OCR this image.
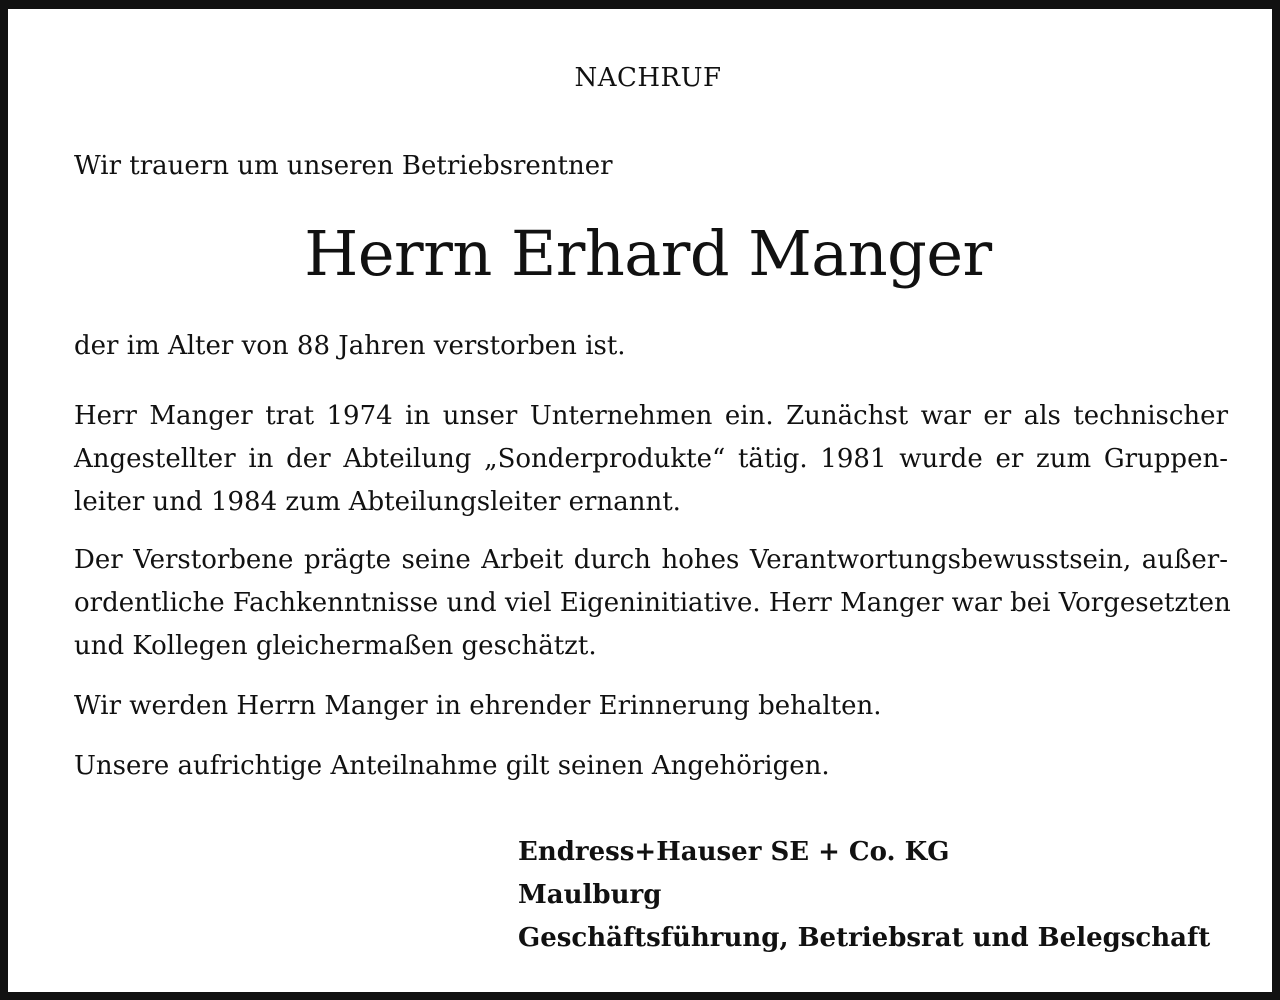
NACHRUF
Wir trauern um unseren Betriebsrentner
Herrn Erhard Manger
der im Alter von 88 Jahren verstorben ist.
Herr Manger trat 1974 in unser Unternehmen ein. Zunächst war er als technischer
Angestellter in der Abteilung „Sonderprodukte“ tätig. 1981 wurde er zum Gruppen-
leiter und 1984 zum Abteilungsleiter ernannt.
Der Verstorbene prägte seine Arbeit durch hohes Verantwortungsbewusstsein, außer-
ordentliche Fachkenntnisse und viel Eigeninitiative. Herr Manger war bei Vorgesetzten
und Kollegen gleichermaßen geschätzt.
Wir werden Herrn Manger in ehrender Erinnerung behalten.
Unsere aufrichtige Anteilnahme gilt seinen Angehörigen.
Endress+Hauser SE + Co. KG
Maulburg
Geschäftsführung, Betriebsrat und Belegschaft
